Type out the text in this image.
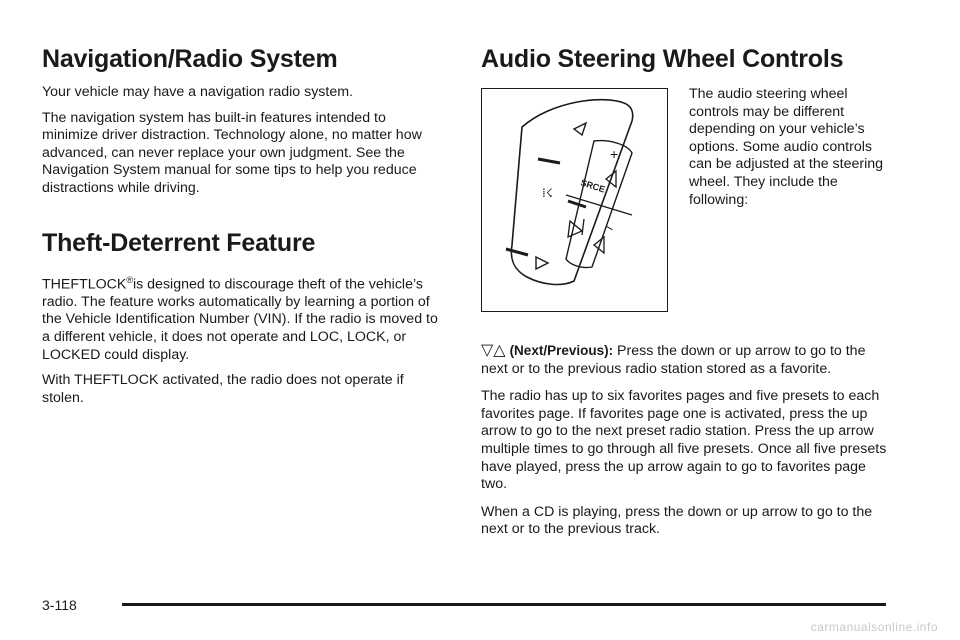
Navigation/Radio System

Your vehicle may have a navigation radio system.

The navigation system has built-in features intended to minimize driver distraction. Technology alone, no matter how advanced, can never replace your own judgment. See the Navigation System manual for some tips to help you reduce distractions while driving.

Theft-Deterrent Feature

THEFTLOCK®is designed to discourage theft of the vehicle’s radio. The feature works automatically by learning a portion of the Vehicle Identification Number (VIN). If the radio is moved to a different vehicle, it does not operate and LOC, LOCK, or LOCKED could display.

With THEFTLOCK activated, the radio does not operate if stolen.

Audio Steering Wheel Controls
⁞☇	SRCE
+
–

The audio steering wheel controls may be different depending on your vehicle’s options. Some audio controls can be adjusted at the steering wheel. They include the following:

▽△ (Next/Previous): Press the down or up arrow to go to the next or to the previous radio station stored as a favorite.

The radio has up to six favorites pages and five presets to each favorites page. If favorites page one is activated, press the up arrow to go to the next preset radio station. Press the up arrow multiple times to go through all five presets. Once all five presets have played, press the up arrow again to go to favorites page two.

When a CD is playing, press the down or up arrow to go to the next or to the previous track.

3-118
carmanualsonline.info
